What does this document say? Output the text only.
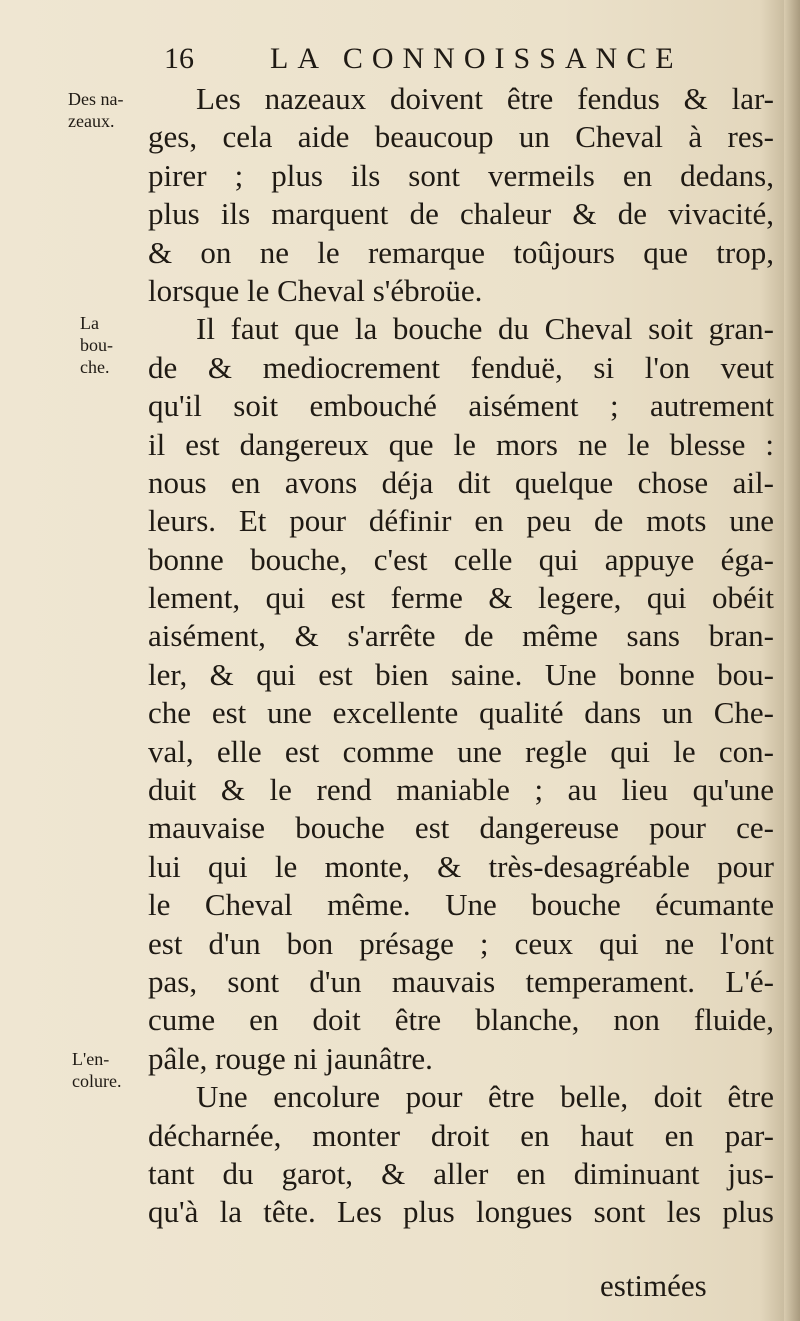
16	LA CONNOISSANCE
Des na-
zeaux.
La
bou-
che.
L'en-
colure.
Les nazeaux doivent être fendus & lar-
ges, cela aide beaucoup un Cheval à res-
pirer ; plus ils sont vermeils en dedans,
plus ils marquent de chaleur & de vivacité,
& on ne le remarque toûjours que trop,
lorsque le Cheval s'ébroüe.
Il faut que la bouche du Cheval soit gran-
de & mediocrement fenduë, si l'on veut
qu'il soit embouché aisément ; autrement
il est dangereux que le mors ne le blesse :
nous en avons déja dit quelque chose ail-
leurs. Et pour définir en peu de mots une
bonne bouche, c'est celle qui appuye éga-
lement, qui est ferme & legere, qui obéit
aisément, & s'arrête de même sans bran-
ler, & qui est bien saine. Une bonne bou-
che est une excellente qualité dans un Che-
val, elle est comme une regle qui le con-
duit & le rend maniable ; au lieu qu'une
mauvaise bouche est dangereuse pour ce-
lui qui le monte, & très-desagréable pour
le Cheval même. Une bouche écumante
est d'un bon présage ; ceux qui ne l'ont
pas, sont d'un mauvais temperament. L'é-
cume en doit être blanche, non fluide,
pâle, rouge ni jaunâtre.
Une encolure pour être belle, doit être
décharnée, monter droit en haut en par-
tant du garot, & aller en diminuant jus-
qu'à la tête. Les plus longues sont les plus
estimées
